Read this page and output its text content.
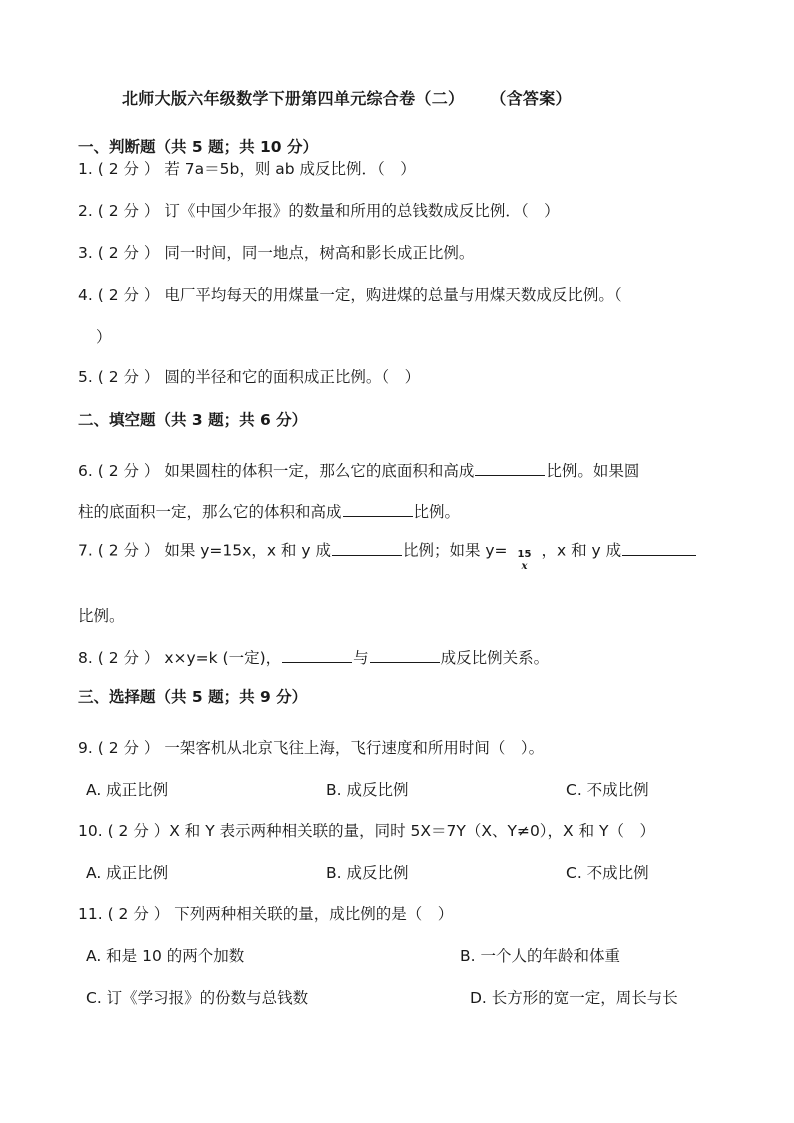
北师大版六年级数学下册第四单元综合卷（二） （含答案）
一、判断题（共 5 题；共 10 分）
1. ( 2 分 ） 若 7a＝5b，则 ab 成反比例．（　）
2. ( 2 分 ） 订《中国少年报》的数量和所用的总钱数成反比例．（　）
3. ( 2 分 ） 同一时间，同一地点，树高和影长成正比例。
4. ( 2 分 ） 电厂平均每天的用煤量一定，购进煤的总量与用煤天数成反比例。（
）
5. ( 2 分 ） 圆的半径和它的面积成正比例。（　）
二、填空题（共 3 题；共 6 分）
6. ( 2 分 ） 如果圆柱的体积一定，那么它的底面积和高成	比例。如果圆
柱的底面积一定，那么它的体积和高成	比例。
7. ( 2 分 ） 如果 y=15x，x 和 y 成	比例；如果 y= 15
x
，x 和 y 成
比例。
8. ( 2 分 ） x×y=k (一定)，	与	成反比例关系。
三、选择题（共 5 题；共 9 分）
9. ( 2 分 ） 一架客机从北京飞往上海，飞行速度和所用时间（　）。
A. 成正比例	B. 成反比例	C. 不成比例
10. ( 2 分 ）X 和 Y 表示两种相关联的量，同时 5X＝7Y（X、Y≠0），X 和 Y（　）
A. 成正比例	B. 成反比例	C. 不成比例
11. ( 2 分 ） 下列两种相关联的量，成比例的是（　）
A. 和是 10 的两个加数	B. 一个人的年龄和体重
C. 订《学习报》的份数与总钱数	D. 长方形的宽一定，周长与长
